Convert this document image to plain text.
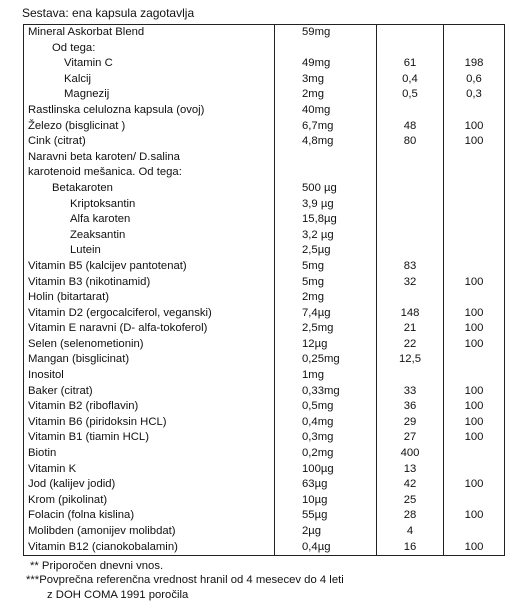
Sestava: ena kapsula zagotavlja
Mineral Askorbat Blend	59mg		
Od tega:			
Vitamin C	49mg	61	198
Kalcij	3mg	0,4	0,6
Magnezij	2mg	0,5	0,3
Rastlinska celulozna kapsula (ovoj)	40mg		
Železo (bisglicinat )	6,7mg	48	100
Cink (citrat)	4,8mg	80	100
Naravni beta karoten/ D.salina			
karotenoid mešanica. Od tega:			
Betakaroten	500 µg		
Kriptoksantin	3,9 µg		
Alfa karoten	15,8µg		
Zeaksantin	3,2 µg		
Lutein	2,5µg		
Vitamin B5 (kalcijev pantotenat)	5mg	83	
Vitamin B3 (nikotinamid)	5mg	32	100
Holin (bitartarat)	2mg		
Vitamin D2 (ergocalciferol, veganski)	7,4µg	148	100
Vitamin E naravni (D- alfa-tokoferol)	2,5mg	21	100
Selen (selenometionin)	12µg	22	100
Mangan (bisglicinat)	0,25mg	12,5	
Inositol	1mg		
Baker (citrat)	0,33mg	33	100
Vitamin B2 (riboflavin)	0,5mg	36	100
Vitamin B6 (piridoksin HCL)	0,4mg	29	100
Vitamin B1 (tiamin HCL)	0,3mg	27	100
Biotin	0,2mg	400	
Vitamin K	100µg	13	
Jod (kalijev jodid)	63µg	42	100
Krom (pikolinat)	10µg	25	
Folacin (folna kislina)	55µg	28	100
Molibden (amonijev molibdat)	2µg	4	
Vitamin B12 (cianokobalamin)	0,4µg	16	100
** Priporočen dnevni vnos.
***Povprečna referenčna vrednost hranil od 4 mesecev do 4 leti
z DOH COMA 1991 poročila
